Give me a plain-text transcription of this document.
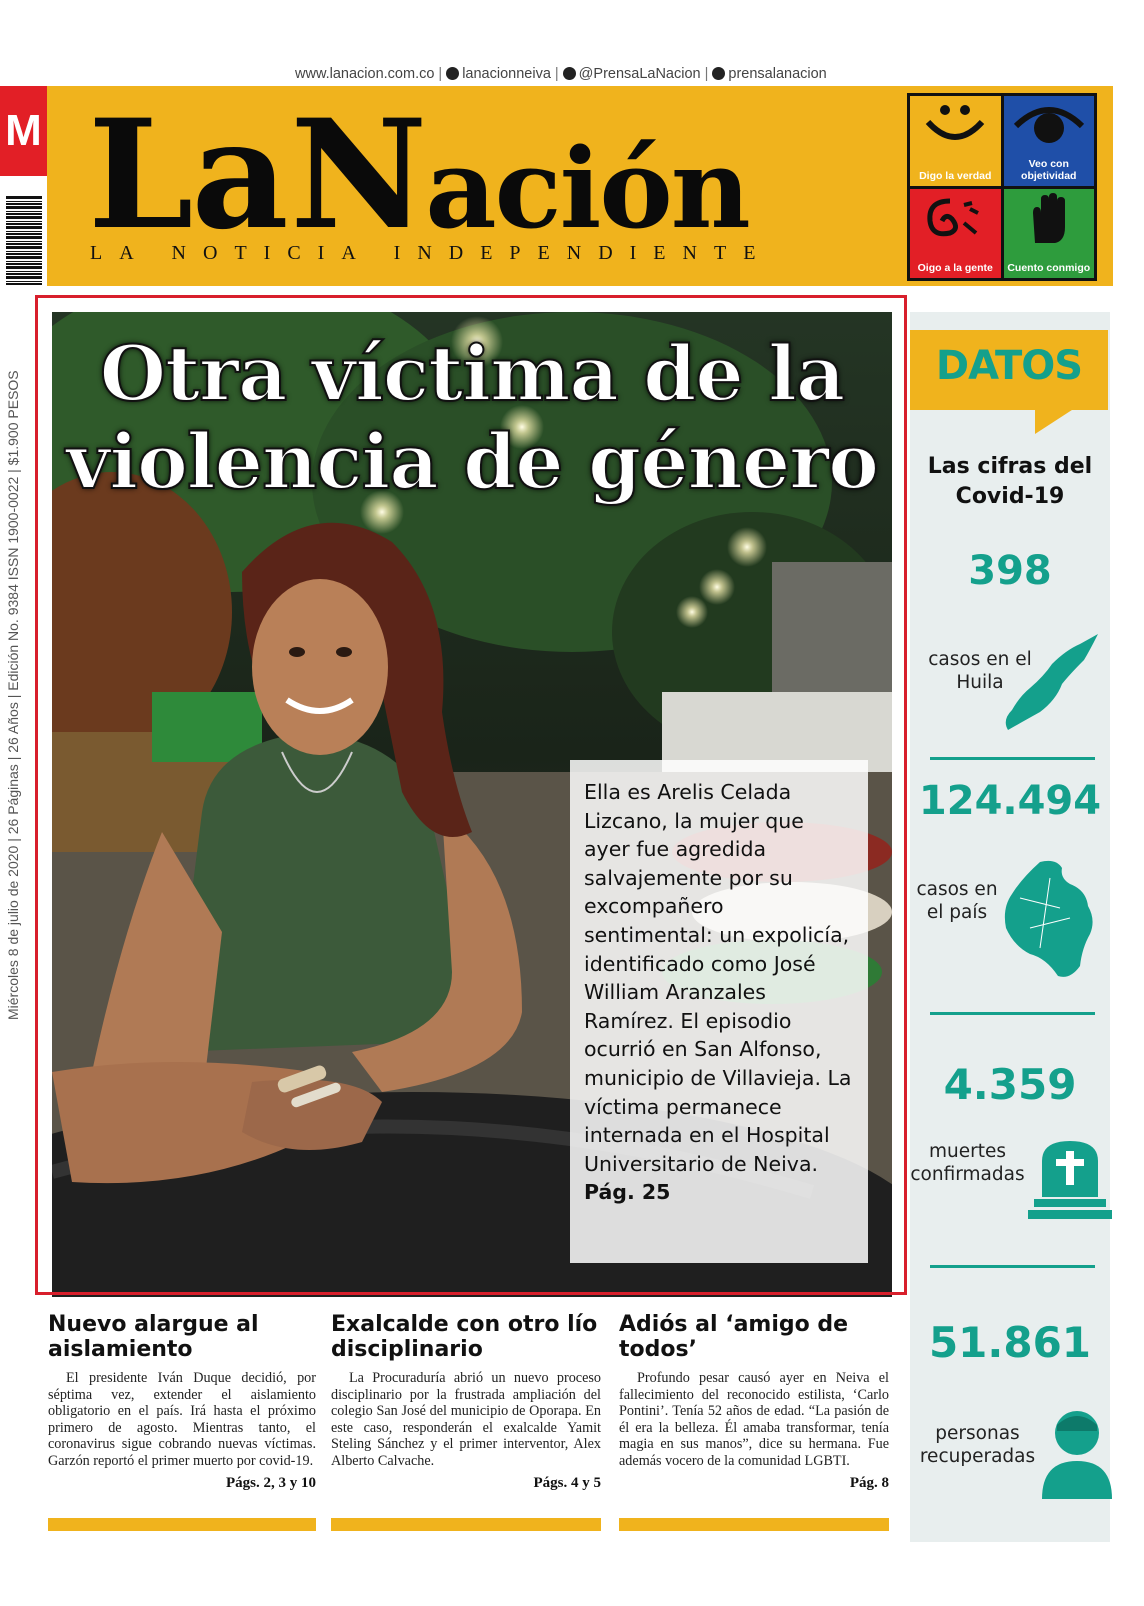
www.lanacion.com.co | lanacionneiva | @PrensaLaNacion | prensalanacion
M La Nación
LA NOTICIA INDEPENDIENTE
Digo la verdad
Veo con objetividad
Oigo a la gente Cuento conmigo
Miércoles 8 de julio de 2020 | 26 Páginas | 26 Años | Edición No. 9384 ISSN 1900-0022 | $1.900 PESOS	Otra víctima de la
violencia de género
Ella es Arelis Celada Lizcano, la mujer que ayer fue agredida salvajemente por su excompañero sentimental: un expolicía, identificado como José William Aranzales Ramírez. El episodio ocurrió en San Alfonso, municipio de Villavieja. La víctima permanece internada en el Hospital Universitario de Neiva.
Pág. 25
DATOS
Las cifras del Covid-19
398
casos en el Huila
124.494
casos en el país
4.359
muertes confirmadas
51.861
personas recuperadas
Nuevo alargue al aislamiento
El presidente Iván Duque decidió, por séptima vez, extender el aislamiento obligatorio en el país. Irá hasta el próximo primero de agosto. Mientras tanto, el coronavirus sigue cobrando nuevas víctimas. Garzón reportó el primer muerto por covid-19.
Págs. 2, 3 y 10
Exalcalde con otro lío disciplinario
La Procuraduría abrió un nuevo proceso disciplinario por la frustrada ampliación del colegio San José del municipio de Oporapa. En este caso, responderán el exalcalde Yamit Steling Sánchez y el primer interventor, Alex Alberto Calvache.
Págs. 4 y 5
Adiós al ‘amigo de todos’
Profundo pesar causó ayer en Neiva el fallecimiento del reconocido estilista, ‘Carlo Pontini’. Tenía 52 años de edad. “La pasión de él era la belleza. Él amaba transformar, tenía magia en sus manos”, dice su hermana. Fue además vocero de la comunidad LGBTI.
Pág. 8
